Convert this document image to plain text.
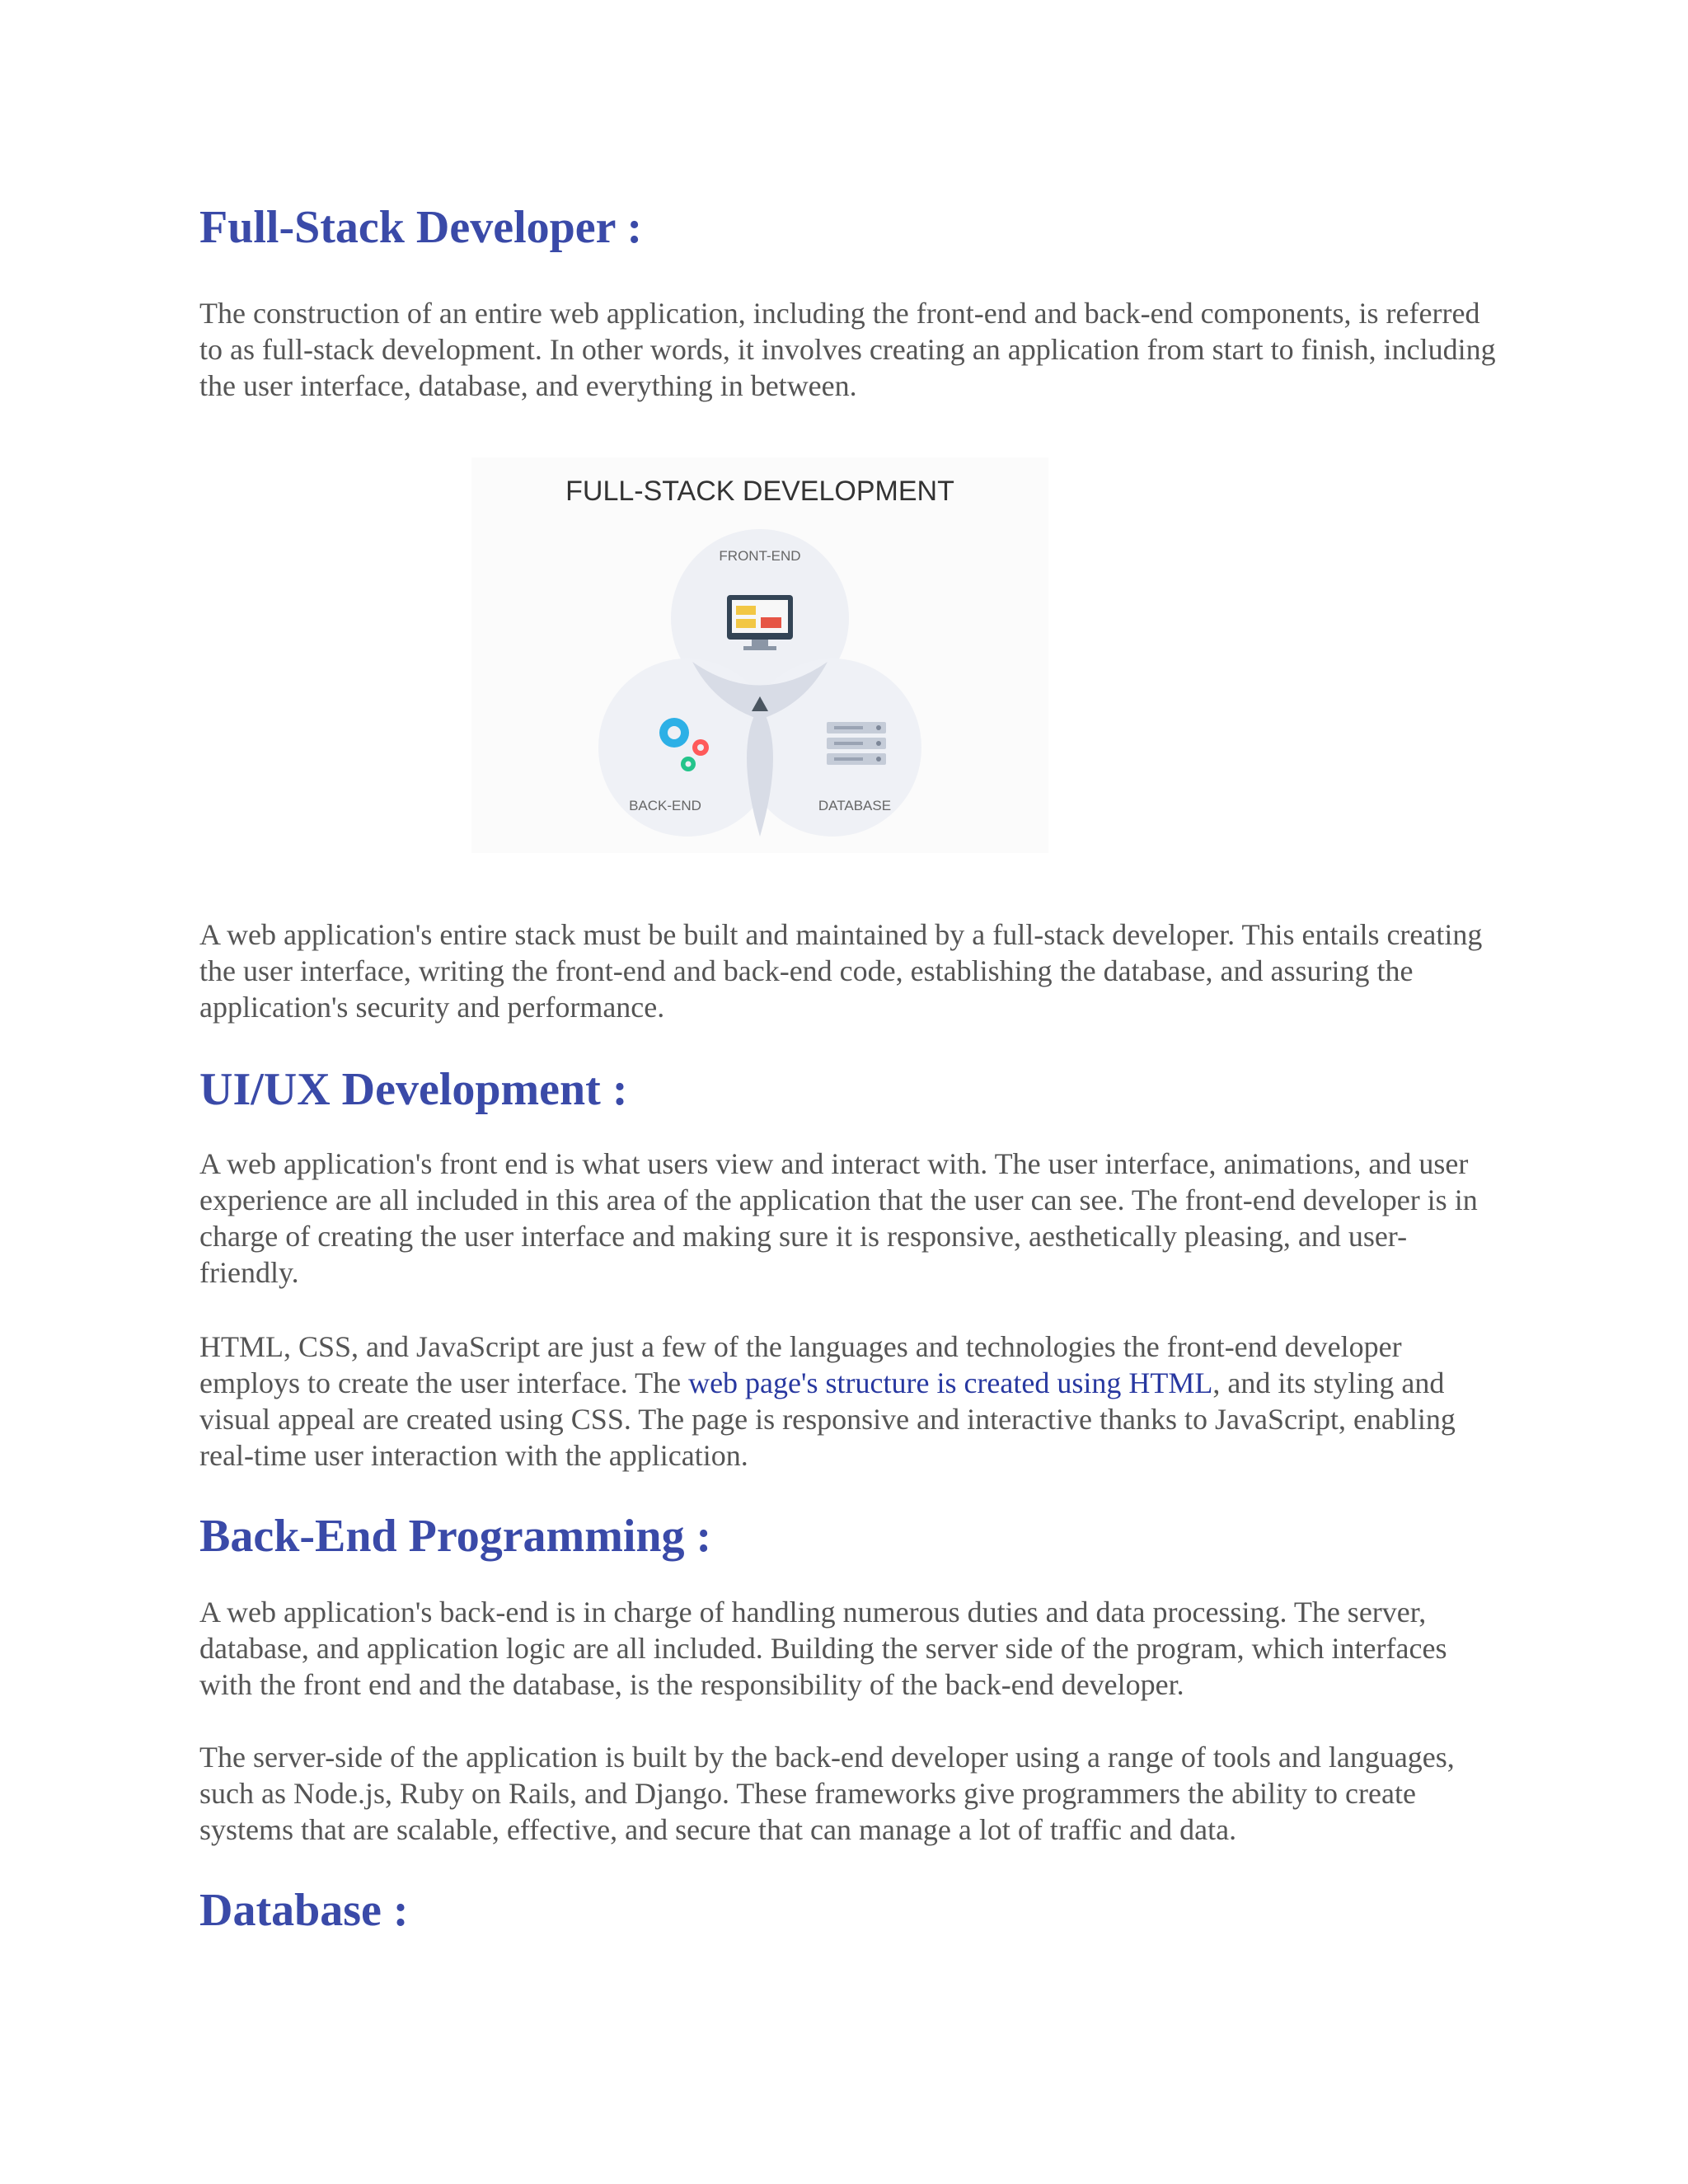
Full-Stack Developer :

The construction of an entire web application, including the front-end and back-end components, is referred to as full-stack development. In other words, it involves creating an application from start to finish, including the user interface, database, and everything in between.

A web application's entire stack must be built and maintained by a full-stack developer. This entails creating the user interface, writing the front-end and back-end code, establishing the database, and assuring the application's security and performance.

UI/UX Development :

A web application's front end is what users view and interact with. The user interface, animations, and user experience are all included in this area of the application that the user can see. The front-end developer is in charge of creating the user interface and making sure it is responsive, aesthetically pleasing, and user-friendly.

HTML, CSS, and JavaScript are just a few of the languages and technologies the front-end developer employs to create the user interface. The web page's structure is created using HTML, and its styling and visual appeal are created using CSS. The page is responsive and interactive thanks to JavaScript, enabling real-time user interaction with the application.

Back-End Programming :

A web application's back-end is in charge of handling numerous duties and data processing. The server, database, and application logic are all included. Building the server side of the program, which interfaces with the front end and the database, is the responsibility of the back-end developer.

The server-side of the application is built by the back-end developer using a range of tools and languages, such as Node.js, Ruby on Rails, and Django. These frameworks give programmers the ability to create systems that are scalable, effective, and secure that can manage a lot of traffic and data.

Database :
FULL-STACK DEVELOPMENT
FRONT-END
BACK-END	DATABASE
